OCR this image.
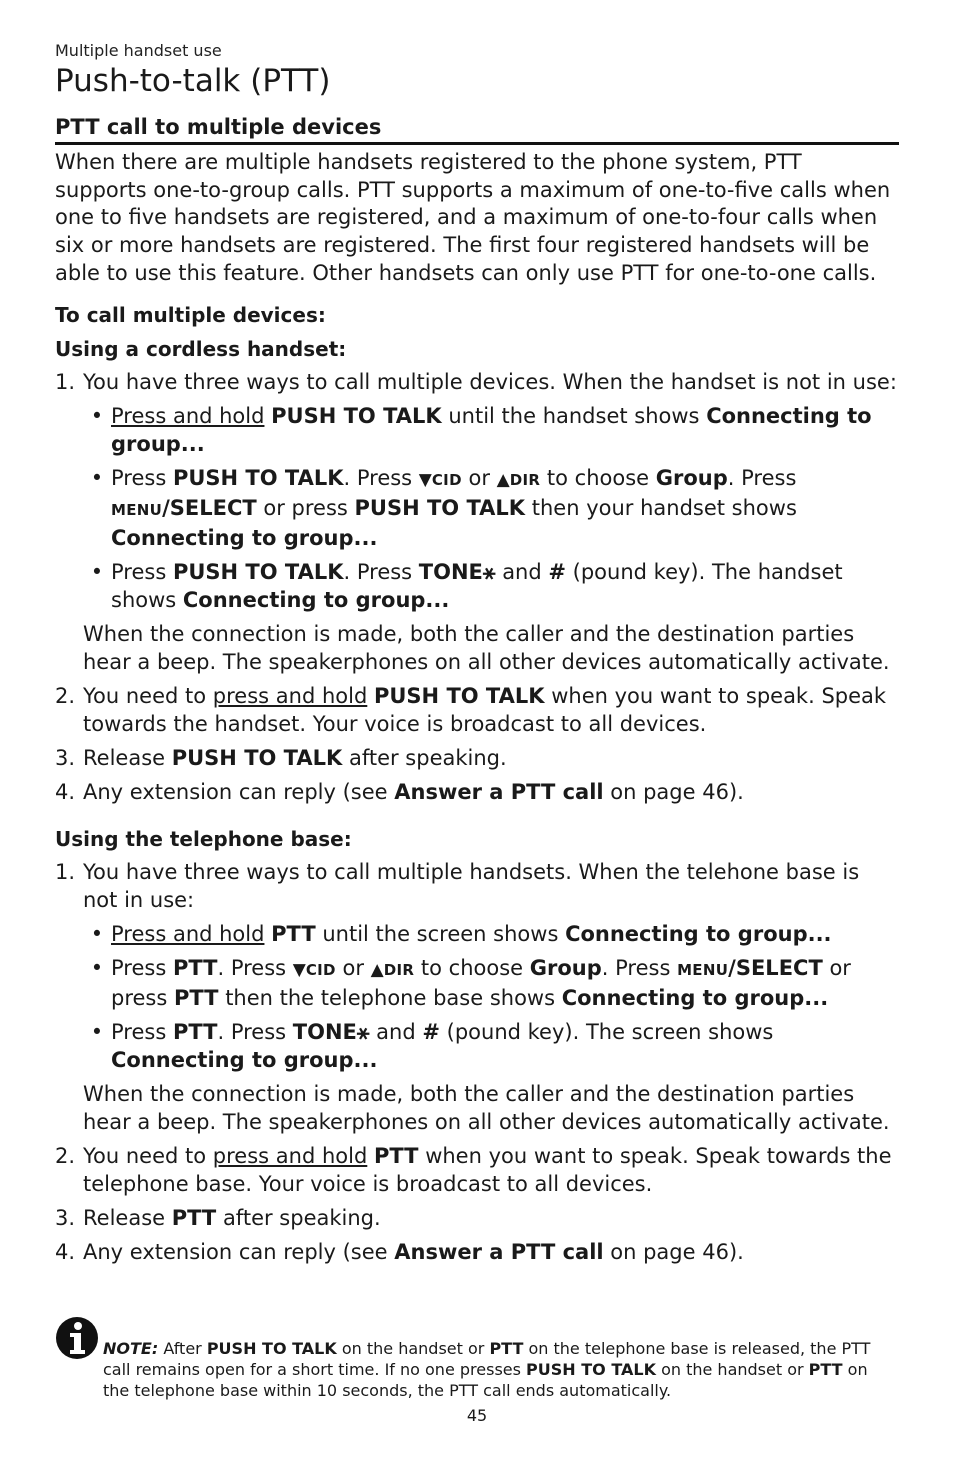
Multiple handset use

Push-to-talk (PTT)
PTT call to multiple devices

When there are multiple handsets registered to the phone system, PTT supports one-to-group calls. PTT supports a maximum of one-to-five calls when one to five handsets are registered, and a maximum of one-to-four calls when six or more handsets are registered. The first four registered handsets will be able to use this feature. Other handsets can only use PTT for one-to-one calls.

To call multiple devices:

Using a cordless handset:

1. You have three ways to call multiple devices. When the handset is not in use:
• Press and hold PUSH TO TALK until the handset shows Connecting to group...
• Press PUSH TO TALK. Press ▼CID or ▲DIR to choose Group. Press MENU/SELECT or press PUSH TO TALK then your handset shows Connecting to group...
• Press PUSH TO TALK. Press TONE⚹ and # (pound key). The handset shows Connecting to group...

When the connection is made, both the caller and the destination parties hear a beep. The speakerphones on all other devices automatically activate.

2. You need to press and hold PUSH TO TALK when you want to speak. Speak towards the handset. Your voice is broadcast to all devices.
3. Release PUSH TO TALK after speaking.
4. Any extension can reply (see Answer a PTT call on page 46).

Using the telephone base:

1. You have three ways to call multiple handsets. When the telehone base is not in use:
• Press and hold PTT until the screen shows Connecting to group...
• Press PTT. Press ▼CID or ▲DIR to choose Group. Press MENU/SELECT or press PTT then the telephone base shows Connecting to group...
• Press PTT. Press TONE⚹ and # (pound key). The screen shows Connecting to group...

When the connection is made, both the caller and the destination parties hear a beep. The speakerphones on all other devices automatically activate.

2. You need to press and hold PTT when you want to speak. Speak towards the telephone base. Your voice is broadcast to all devices.
3. Release PTT after speaking.
4. Any extension can reply (see Answer a PTT call on page 46).
NOTE: After PUSH TO TALK on the handset or PTT on the telephone base is released, the PTT call remains open for a short time. If no one presses PUSH TO TALK on the handset or PTT on the telephone base within 10 seconds, the PTT call ends automatically.
45
